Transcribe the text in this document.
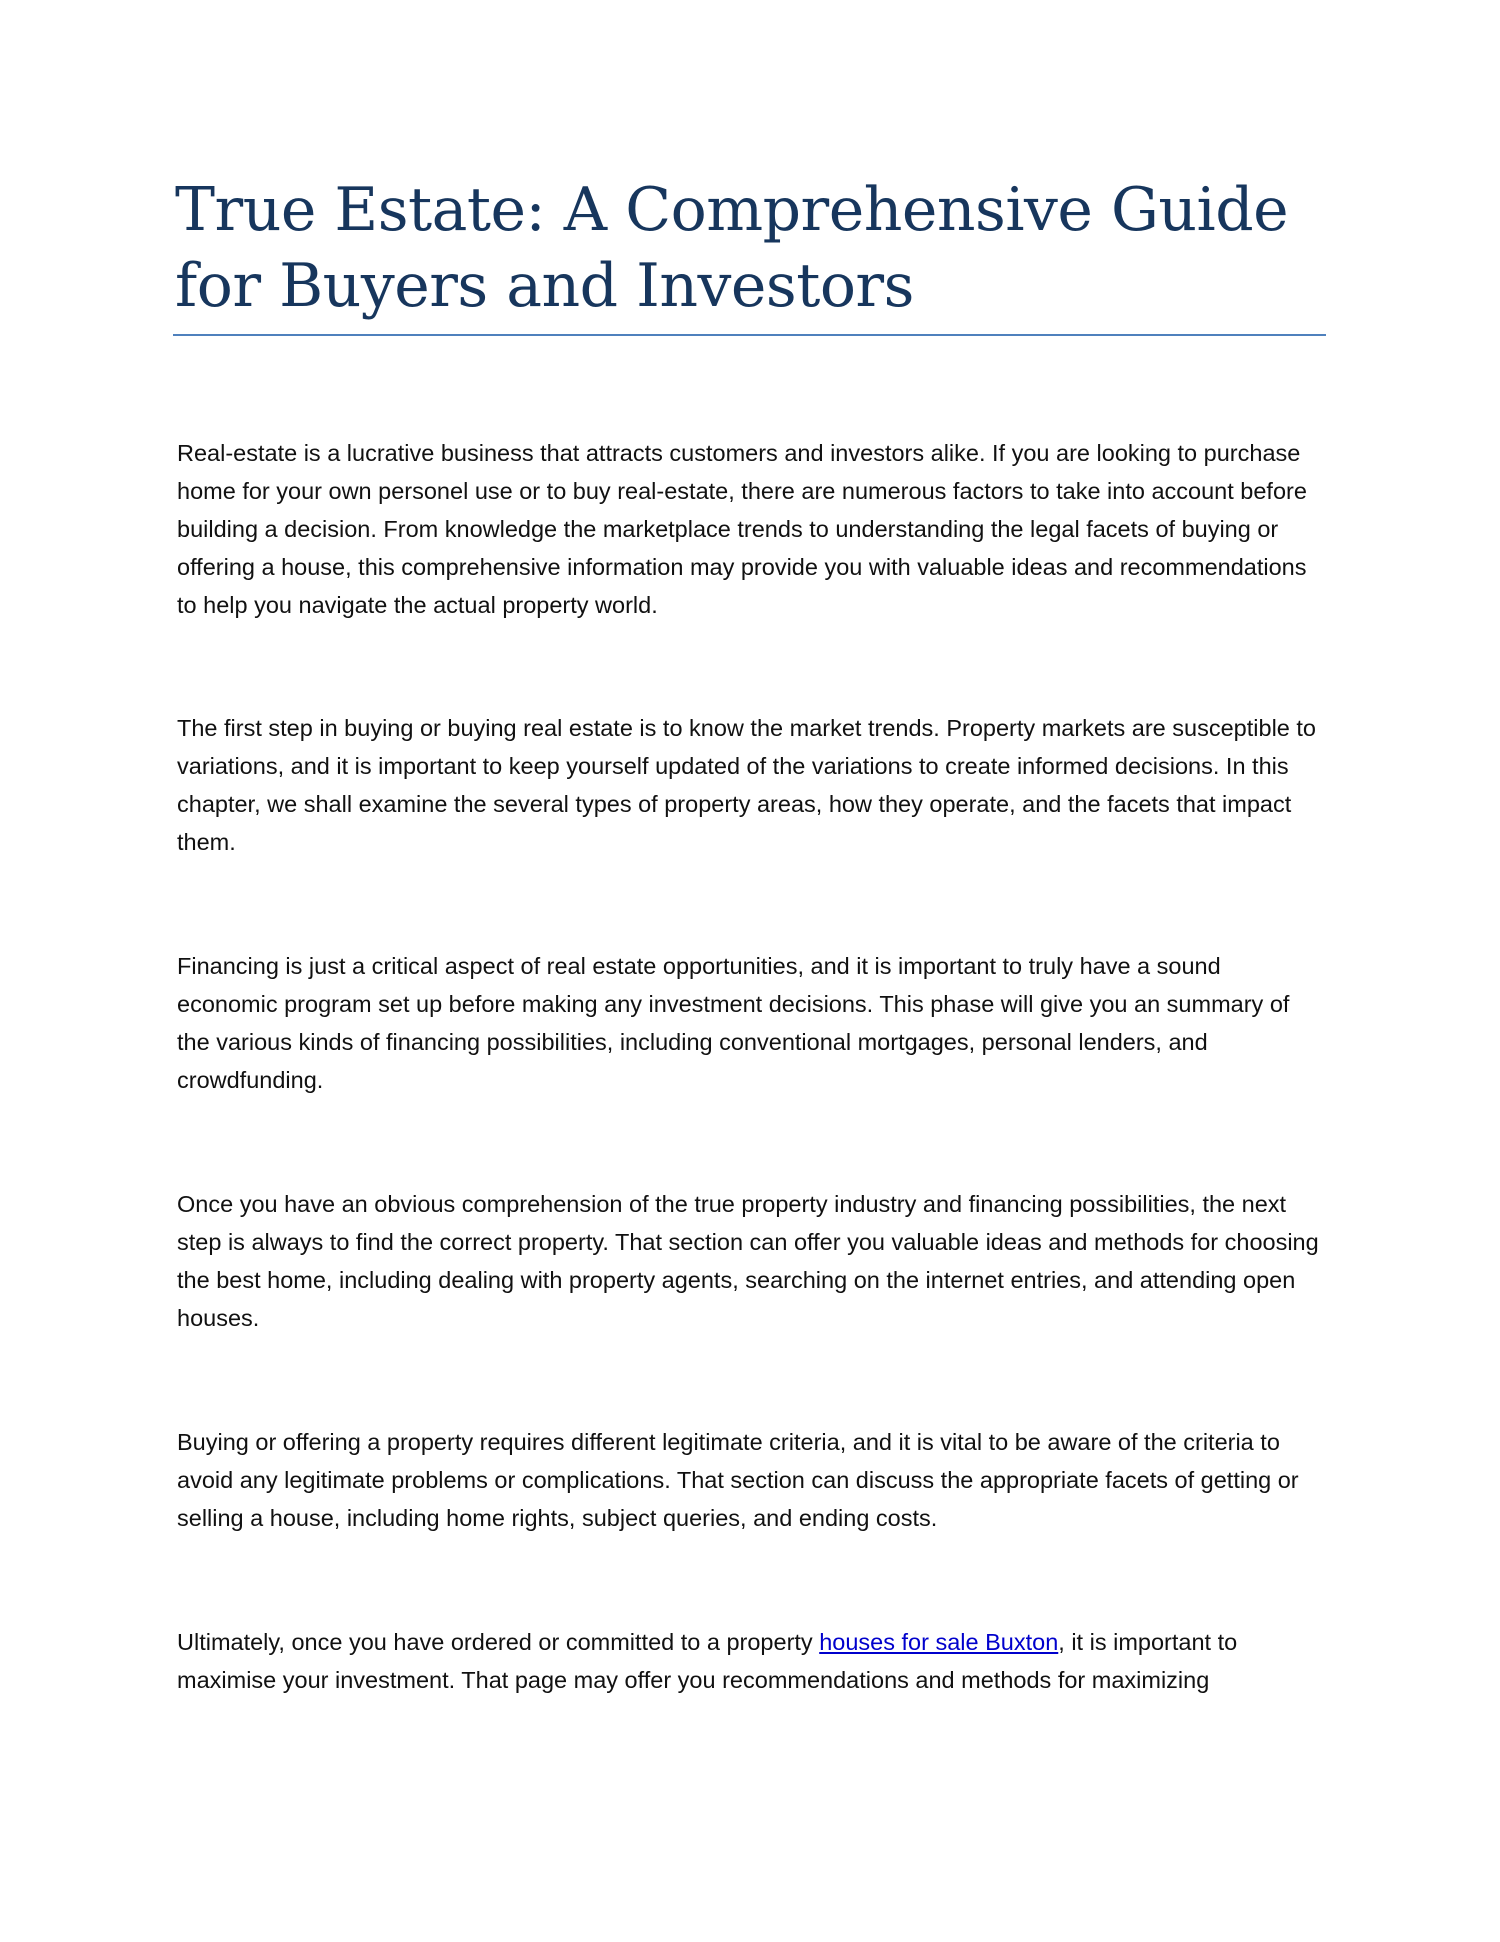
True Estate: A Comprehensive Guide for Buyers and Investors

Real-estate is a lucrative business that attracts customers and investors alike. If you are looking to purchase home for your own personel use or to buy real-estate, there are numerous factors to take into account before building a decision. From knowledge the marketplace trends to understanding the legal facets of buying or offering a house, this comprehensive information may provide you with valuable ideas and recommendations to help you navigate the actual property world.

The first step in buying or buying real estate is to know the market trends. Property markets are susceptible to variations, and it is important to keep yourself updated of the variations to create informed decisions. In this chapter, we shall examine the several types of property areas, how they operate, and the facets that impact them.

Financing is just a critical aspect of real estate opportunities, and it is important to truly have a sound economic program set up before making any investment decisions. This phase will give you an summary of the various kinds of financing possibilities, including conventional mortgages, personal lenders, and crowdfunding.

Once you have an obvious comprehension of the true property industry and financing possibilities, the next step is always to find the correct property. That section can offer you valuable ideas and methods for choosing the best home, including dealing with property agents, searching on the internet entries, and attending open houses.

Buying or offering a property requires different legitimate criteria, and it is vital to be aware of the criteria to avoid any legitimate problems or complications. That section can discuss the appropriate facets of getting or selling a house, including home rights, subject queries, and ending costs.

Ultimately, once you have ordered or committed to a property houses for sale Buxton, it is important to maximise your investment. That page may offer you recommendations and methods for maximizing
